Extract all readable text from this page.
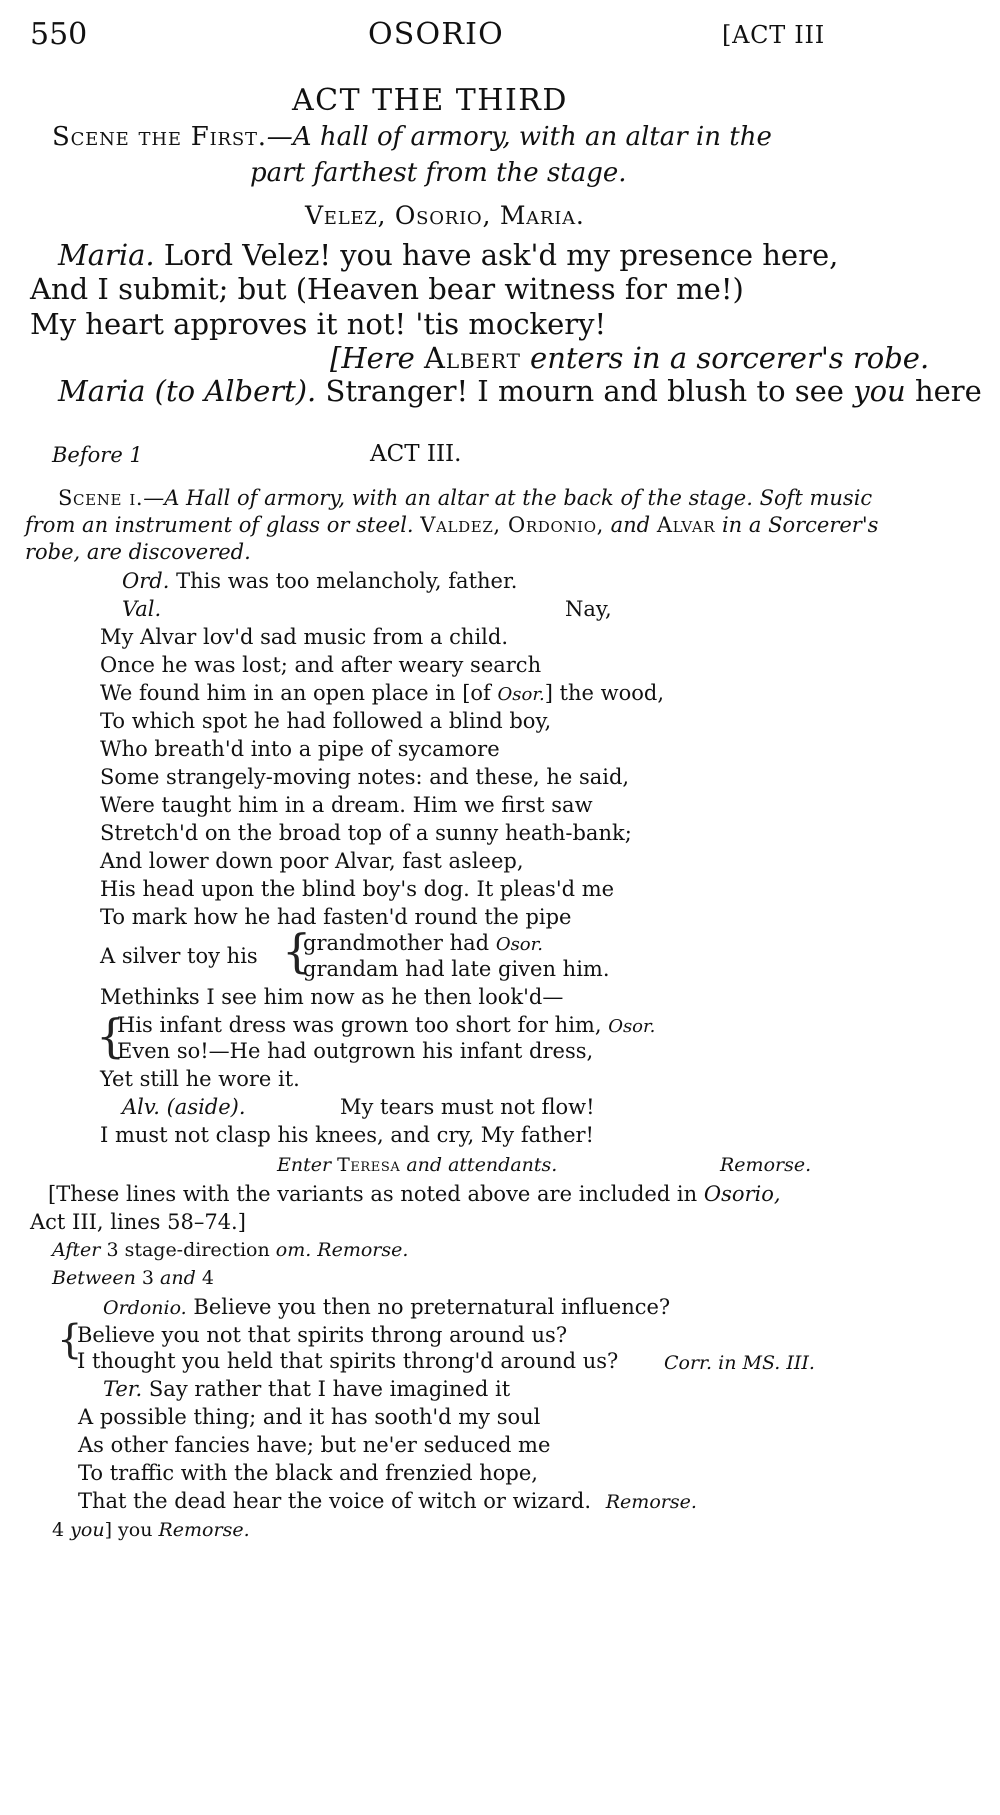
550	OSORIO	[ACT III
ACT THE THIRD
Scene the First.—A hall of armory, with an altar in the
part farthest from the stage.
Velez, Osorio, Maria.
Maria. Lord Velez! you have ask'd my presence here,
And I submit; but (Heaven bear witness for me!)
My heart approves it not! 'tis mockery!
[Here Albert enters in a sorcerer's robe.
Maria (to Albert). Stranger! I mourn and blush to see you here
Before 1	ACT III.
Scene i.—A Hall of armory, with an altar at the back of the stage. Soft music
from an instrument of glass or steel. Valdez, Ordonio, and Alvar in a Sorcerer's
robe, are discovered.
Ord. This was too melancholy, father.
Val.	Nay,
My Alvar lov'd sad music from a child.
Once he was lost; and after weary search
We found him in an open place in [of Osor.] the wood,
To which spot he had followed a blind boy,
Who breath'd into a pipe of sycamore
Some strangely-moving notes: and these, he said,
Were taught him in a dream. Him we first saw
Stretch'd on the broad top of a sunny heath-bank;
And lower down poor Alvar, fast asleep,
His head upon the blind boy's dog. It pleas'd me
To mark how he had fasten'd round the pipe
A silver toy his {
grandmother had Osor.
grandam had late given him.
Methinks I see him now as he then look'd—
{
His infant dress was grown too short for him, Osor.
Even so!—He had outgrown his infant dress,
Yet still he wore it.
Alv. (aside).	My tears must not flow!
I must not clasp his knees, and cry, My father!
Enter Teresa and attendants.	Remorse.
[These lines with the variants as noted above are included in Osorio,
Act III, lines 58–74.]
After 3 stage-direction om. Remorse.
Between 3 and 4
Ordonio. Believe you then no preternatural influence?
{
Believe you not that spirits throng around us?
I thought you held that spirits throng'd around us? Corr. in MS. III.
Ter. Say rather that I have imagined it
A possible thing; and it has sooth'd my soul
As other fancies have; but ne'er seduced me
To traffic with the black and frenzied hope,
That the dead hear the voice of witch or wizard. Remorse.
4 you] you Remorse.
